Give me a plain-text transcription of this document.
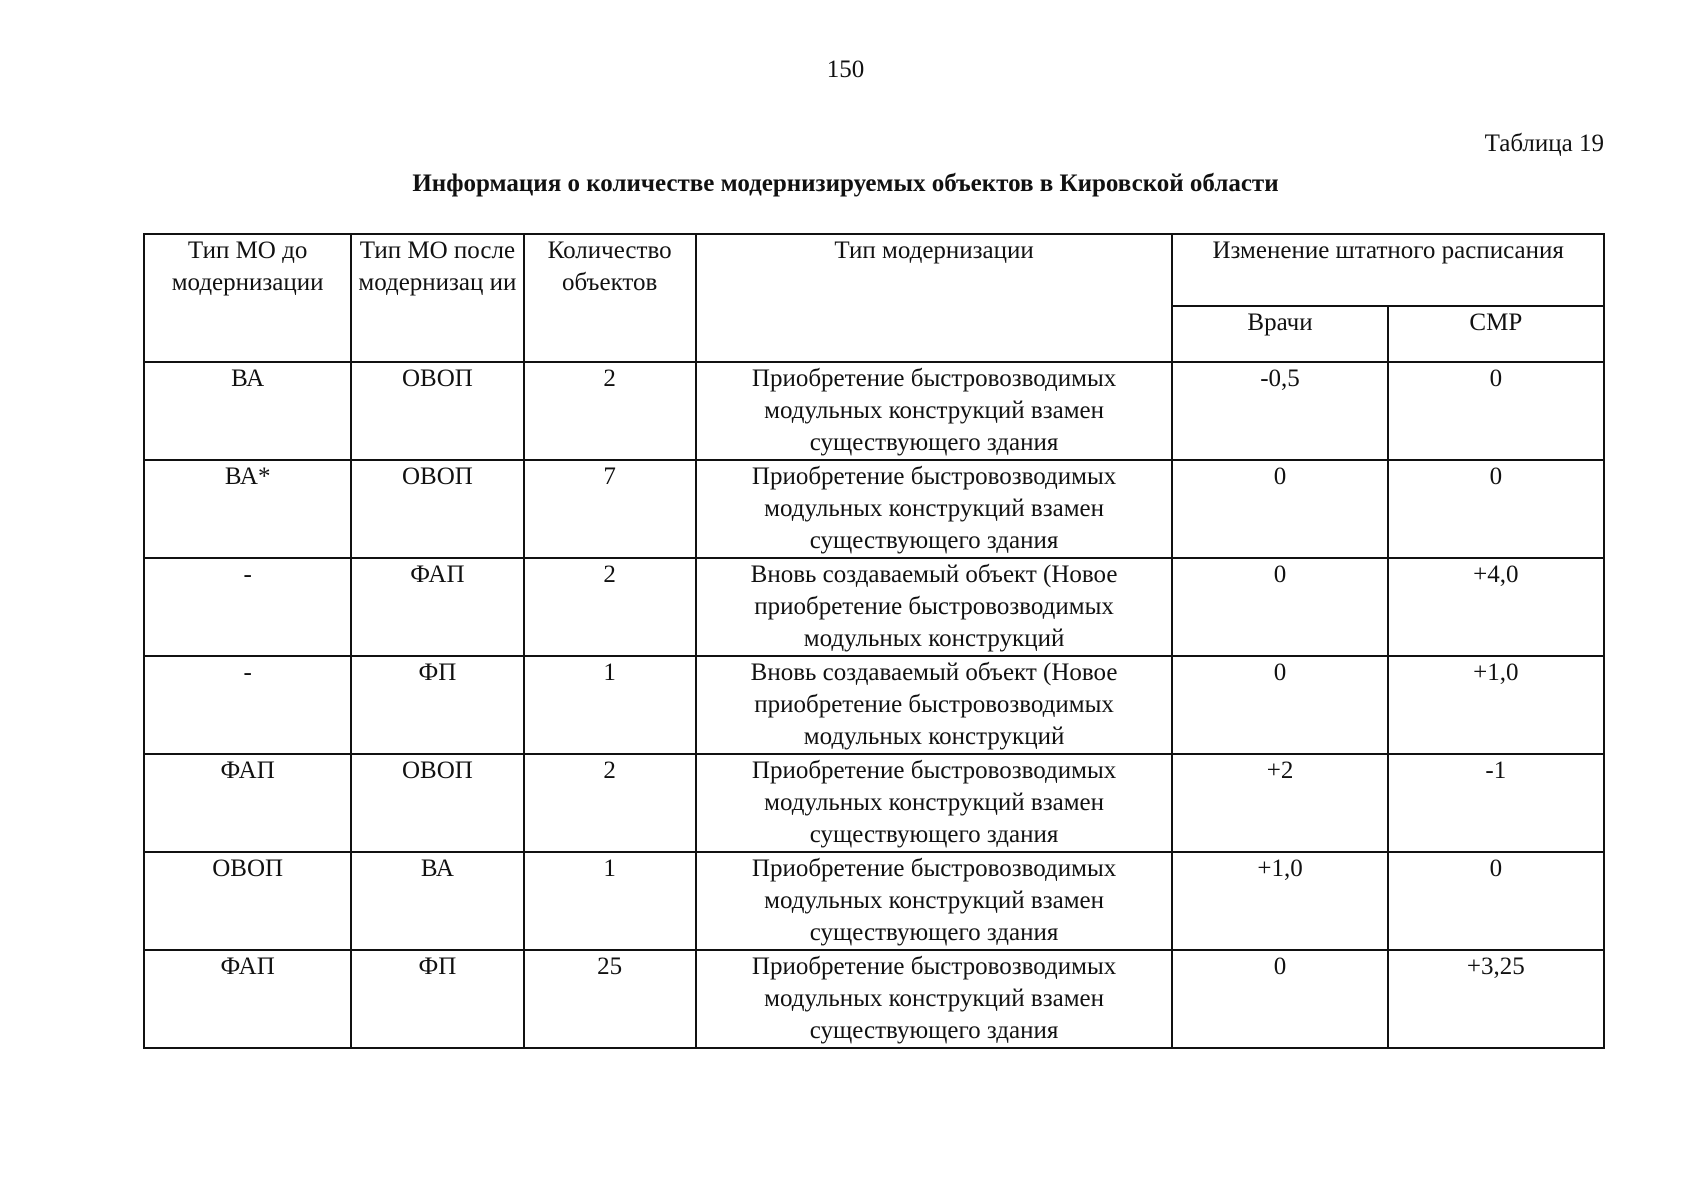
150
Таблица 19
Информация о количестве модернизируемых объектов в Кировской области
Тип МО до модернизации	Тип МО после модернизац ии	Количество объектов	Тип модернизации	Изменение штатного расписания	
				Врачи	СМР
ВА	ОВОП	2	Приобретение быстровозводимых модульных конструкций взамен существующего здания	-0,5	0
ВА*	ОВОП	7	Приобретение быстровозводимых модульных конструкций взамен существующего здания	0	0
-	ФАП	2	Вновь создаваемый объект (Новое приобретение быстровозводимых модульных конструкций	0	+4,0
-	ФП	1	Вновь создаваемый объект (Новое приобретение быстровозводимых модульных конструкций	0	+1,0
ФАП	ОВОП	2	Приобретение быстровозводимых модульных конструкций взамен существующего здания	+2	-1
ОВОП	ВА	1	Приобретение быстровозводимых модульных конструкций взамен существующего здания	+1,0	0
ФАП	ФП	25	Приобретение быстровозводимых модульных конструкций взамен существующего здания	0	+3,25
